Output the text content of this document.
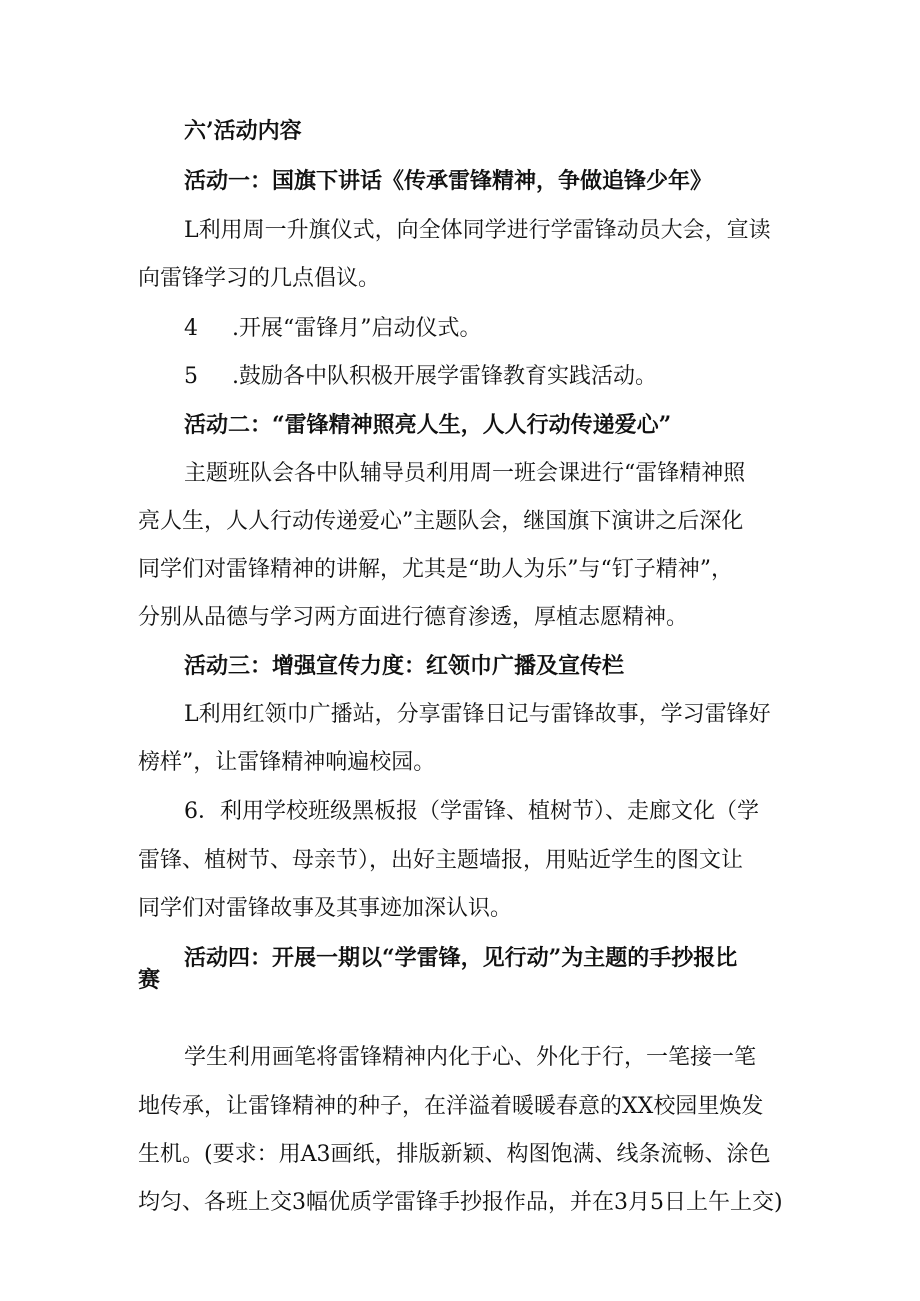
六’活动内容
活动一：国旗下讲话《传承雷锋精神，争做追锋少年》
L利用周一升旗仪式，向全体同学进行学雷锋动员大会，宣读
向雷锋学习的几点倡议。
4 .开展“雷锋月”启动仪式。
5 .鼓励各中队积极开展学雷锋教育实践活动。
活动二：“雷锋精神照亮人生，人人行动传递爱心”
主题班队会各中队辅导员利用周一班会课进行“雷锋精神照
亮人生，人人行动传递爱心”主题队会，继国旗下演讲之后深化
同学们对雷锋精神的讲解，尤其是“助人为乐”与“钉子精神”，
分别从品德与学习两方面进行德育渗透，厚植志愿精神。
活动三：增强宣传力度：红领巾广播及宣传栏
L利用红领巾广播站，分享雷锋日记与雷锋故事，学习雷锋好
榜样”，让雷锋精神响遍校园。
6．利用学校班级黑板报（学雷锋、植树节）、走廊文化（学
雷锋、植树节、母亲节），出好主题墙报，用贴近学生的图文让
同学们对雷锋故事及其事迹加深认识。
活动四：开展一期以“学雷锋，见行动”为主题的手抄报比
赛
学生利用画笔将雷锋精神内化于心、外化于行，一笔接一笔
地传承，让雷锋精神的种子，在洋溢着暖暖春意的XX校园里焕发
生机。(要求：用A3画纸，排版新颖、构图饱满、线条流畅、涂色
均匀、各班上交3幅优质学雷锋手抄报作品，并在3月5日上午上交)
